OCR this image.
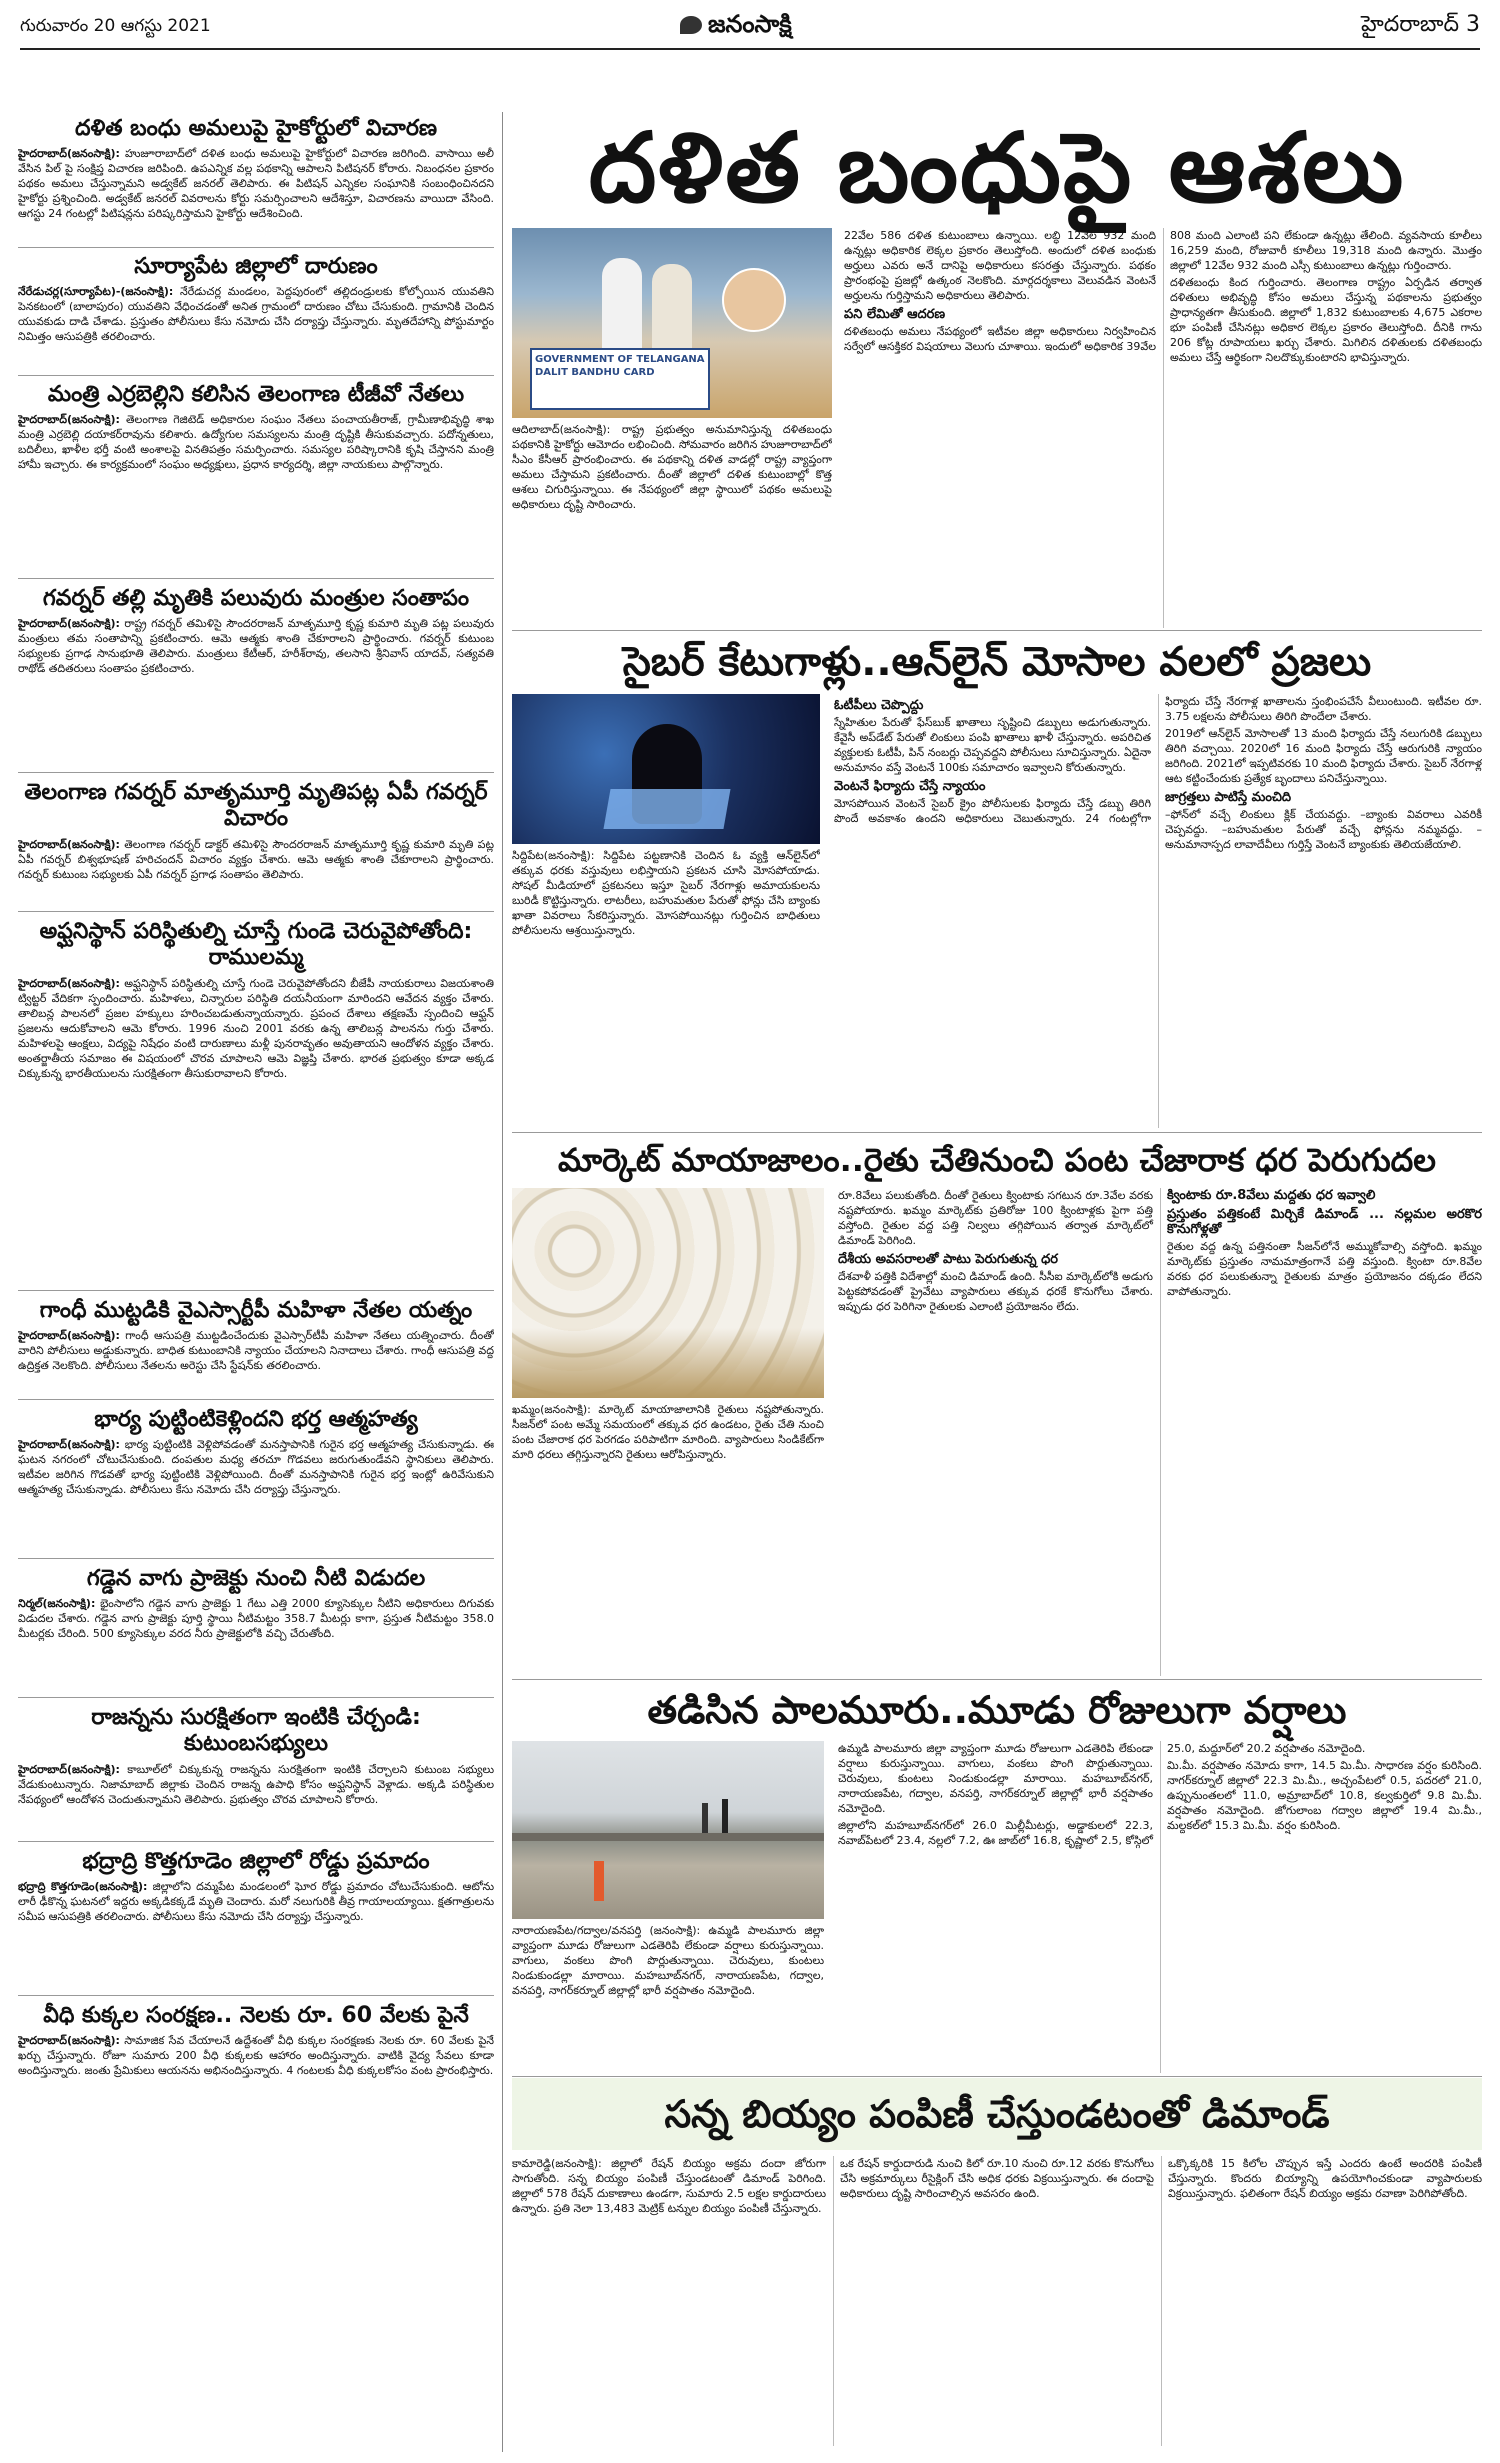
గురువారం 20 ఆగస్టు 2021	జనంసాక్షి	హైదరాబాద్ 3
దళిత బంధు అమలుపై హైకోర్టులో విచారణ

హైదరాబాద్(జనంసాక్షి): హుజూరాబాద్‌లో దళిత బంధు అమలుపై హైకోర్టులో విచారణ జరిగింది. వాసాయి అలీ వేసిన పిల్‌ పై సంక్షిప్త విచారణ జరిపింది. ఉపఎన్నిక వల్ల పథకాన్ని ఆపాలని పిటిషనర్ కోరారు. నిబంధనల ప్రకారం పథకం అమలు చేస్తున్నామని అడ్వకేట్ జనరల్ తెలిపారు. ఈ పిటిషన్ ఎన్నికల సంఘానికి సంబంధించినదని హైకోర్టు ప్రశ్నించింది. అడ్వకేట్ జనరల్ వివరాలను కోర్టు సమర్పించాలని ఆదేశిస్తూ, విచారణను వాయిదా వేసింది. ఆగస్టు 24 గంటల్లో పిటిషన్లను పరిష్కరిస్తామని హైకోర్టు ఆదేశించింది.

సూర్యాపేట జిల్లాలో దారుణం

నేరేడుచర్ల(సూర్యాపేట)-(జనంసాక్షి): నేరేడుచర్ల మండలం, పెద్దపురంలో తల్లిదండ్రులకు కోల్పోయిన యువతిని పెనకటంలో (బాలాపురం) యువతిని వేధించడంతో అనిత గ్రామంలో దారుణం చోటు చేసుకుంది. గ్రామానికి చెందిన యువకుడు దాడి చేశాడు. ప్రస్తుతం పోలీసులు కేసు నమోదు చేసి దర్యాప్తు చేస్తున్నారు. మృతదేహాన్ని పోస్టుమార్టం నిమిత్తం ఆసుపత్రికి తరలించారు.

మంత్రి ఎర్రబెల్లిని కలిసిన తెలంగాణ టీజీవో నేతలు

హైదరాబాద్(జనంసాక్షి): తెలంగాణ గెజిటెడ్ అధికారుల సంఘం నేతలు పంచాయతీరాజ్, గ్రామీణాభివృద్ధి శాఖ మంత్రి ఎర్రబెల్లి దయాకర్‌రావును కలిశారు. ఉద్యోగుల సమస్యలను మంత్రి దృష్టికి తీసుకువచ్చారు. పదోన్నతులు, బదిలీలు, ఖాళీల భర్తీ వంటి అంశాలపై వినతిపత్రం సమర్పించారు. సమస్యల పరిష్కారానికి కృషి చేస్తానని మంత్రి హామీ ఇచ్చారు. ఈ కార్యక్రమంలో సంఘం అధ్యక్షులు, ప్రధాన కార్యదర్శి, జిల్లా నాయకులు పాల్గొన్నారు.

గవర్నర్ తల్లి మృతికి పలువురు మంత్రుల సంతాపం

హైదరాబాద్(జనంసాక్షి): రాష్ట్ర గవర్నర్ తమిళిసై సౌందరరాజన్ మాతృమూర్తి కృష్ణ కుమారి మృతి పట్ల పలువురు మంత్రులు తమ సంతాపాన్ని ప్రకటించారు. ఆమె ఆత్మకు శాంతి చేకూరాలని ప్రార్థించారు. గవర్నర్ కుటుంబ సభ్యులకు ప్రగాఢ సానుభూతి తెలిపారు. మంత్రులు కేటీఆర్, హరీశ్‌రావు, తలసాని శ్రీనివాస్ యాదవ్, సత్యవతి రాథోడ్ తదితరులు సంతాపం ప్రకటించారు.

తెలంగాణ గవర్నర్ మాతృమూర్తి మృతిపట్ల ఏపీ గవర్నర్ విచారం

హైదరాబాద్(జనంసాక్షి): తెలంగాణ గవర్నర్ డాక్టర్ తమిళిసై సౌందరరాజన్ మాతృమూర్తి కృష్ణ కుమారి మృతి పట్ల ఏపీ గవర్నర్ బిశ్వభూషణ్ హరిచందన్ విచారం వ్యక్తం చేశారు. ఆమె ఆత్మకు శాంతి చేకూరాలని ప్రార్థించారు. గవర్నర్ కుటుంబ సభ్యులకు ఏపీ గవర్నర్ ప్రగాఢ సంతాపం తెలిపారు.

అఫ్ఘనిస్థాన్ పరిస్థితుల్ని చూస్తే గుండె చెరువైపోతోంది: రాములమ్మ

హైదరాబాద్(జనంసాక్షి): అఫ్ఘనిస్థాన్ పరిస్థితుల్ని చూస్తే గుండె చెరువైపోతోందని బీజేపీ నాయకురాలు విజయశాంతి ట్విట్టర్ వేదికగా స్పందించారు. మహిళలు, చిన్నారుల పరిస్థితి దయనీయంగా మారిందని ఆవేదన వ్యక్తం చేశారు. తాలిబన్ల పాలనలో ప్రజల హక్కులు హరించబడుతున్నాయన్నారు. ప్రపంచ దేశాలు తక్షణమే స్పందించి ఆఫ్ఘన్ ప్రజలను ఆదుకోవాలని ఆమె కోరారు. 1996 నుంచి 2001 వరకు ఉన్న తాలిబన్ల పాలనను గుర్తు చేశారు. మహిళలపై ఆంక్షలు, విద్యపై నిషేధం వంటి దారుణాలు మళ్లీ పునరావృతం అవుతాయని ఆందోళన వ్యక్తం చేశారు. అంతర్జాతీయ సమాజం ఈ విషయంలో చొరవ చూపాలని ఆమె విజ్ఞప్తి చేశారు. భారత ప్రభుత్వం కూడా అక్కడ చిక్కుకున్న భారతీయులను సురక్షితంగా తీసుకురావాలని కోరారు.

గాంధీ ముట్టడికి వైఎస్సార్టీపీ మహిళా నేతల యత్నం

హైదరాబాద్(జనంసాక్షి): గాంధీ ఆసుపత్రి ముట్టడించేందుకు వైఎస్సార్‌టీపీ మహిళా నేతలు యత్నించారు. దీంతో వారిని పోలీసులు అడ్డుకున్నారు. బాధిత కుటుంబానికి న్యాయం చేయాలని నినాదాలు చేశారు. గాంధీ ఆసుపత్రి వద్ద ఉద్రిక్తత నెలకొంది. పోలీసులు నేతలను అరెస్టు చేసి స్టేషన్‌కు తరలించారు.

భార్య పుట్టింటికెళ్లిందని భర్త ఆత్మహత్య

హైదరాబాద్(జనంసాక్షి): భార్య పుట్టింటికి వెళ్లిపోవడంతో మనస్తాపానికి గురైన భర్త ఆత్మహత్య చేసుకున్నాడు. ఈ ఘటన నగరంలో చోటుచేసుకుంది. దంపతుల మధ్య తరచూ గొడవలు జరుగుతుండేవని స్థానికులు తెలిపారు. ఇటీవల జరిగిన గొడవతో భార్య పుట్టింటికి వెళ్లిపోయింది. దీంతో మనస్తాపానికి గురైన భర్త ఇంట్లో ఉరివేసుకుని ఆత్మహత్య చేసుకున్నాడు. పోలీసులు కేసు నమోదు చేసి దర్యాప్తు చేస్తున్నారు.

గడ్డెన వాగు ప్రాజెక్టు నుంచి నీటి విడుదల

నిర్మల్(జనంసాక్షి): భైంసాలోని గడ్డెన వాగు ప్రాజెక్టు 1 గేటు ఎత్తి 2000 క్యూసెక్కుల నీటిని అధికారులు దిగువకు విడుదల చేశారు. గడ్డెన వాగు ప్రాజెక్టు పూర్తి స్థాయి నీటిమట్టం 358.7 మీటర్లు కాగా, ప్రస్తుత నీటిమట్టం 358.0 మీటర్లకు చేరింది. 500 క్యూసెక్కుల వరద నీరు ప్రాజెక్టులోకి వచ్చి చేరుతోంది.

రాజన్నను సురక్షితంగా ఇంటికి చేర్చండి: కుటుంబసభ్యులు

హైదరాబాద్(జనంసాక్షి): కాబూల్‌లో చిక్కుకున్న రాజన్నను సురక్షితంగా ఇంటికి చేర్చాలని కుటుంబ సభ్యులు వేడుకుంటున్నారు. నిజామాబాద్ జిల్లాకు చెందిన రాజన్న ఉపాధి కోసం అఫ్ఘనిస్థాన్ వెళ్లాడు. అక్కడి పరిస్థితుల నేపథ్యంలో ఆందోళన చెందుతున్నామని తెలిపారు. ప్రభుత్వం చొరవ చూపాలని కోరారు.

భద్రాద్రి కొత్తగూడెం జిల్లాలో రోడ్డు ప్రమాదం

భద్రాద్రి కొత్తగూడెం(జనంసాక్షి): జిల్లాలోని దమ్మపేట మండలంలో ఘోర రోడ్డు ప్రమాదం చోటుచేసుకుంది. ఆటోను లారీ ఢీకొన్న ఘటనలో ఇద్దరు అక్కడికక్కడే మృతి చెందారు. మరో నలుగురికి తీవ్ర గాయాలయ్యాయి. క్షతగాత్రులను సమీప ఆసుపత్రికి తరలించారు. పోలీసులు కేసు నమోదు చేసి దర్యాప్తు చేస్తున్నారు.

వీధి కుక్కల సంరక్షణ.. నెలకు రూ. 60 వేలకు పైనే

హైదరాబాద్(జనంసాక్షి): సామాజిక సేవ చేయాలనే ఉద్దేశంతో వీధి కుక్కల సంరక్షణకు నెలకు రూ. 60 వేలకు పైనే ఖర్చు చేస్తున్నారు. రోజూ సుమారు 200 వీధి కుక్కలకు ఆహారం అందిస్తున్నారు. వాటికి వైద్య సేవలు కూడా అందిస్తున్నారు. జంతు ప్రేమికులు ఆయనను అభినందిస్తున్నారు. 4 గంటలకు వీధి కుక్కలకోసం వంట ప్రారంభిస్తారు.

దళిత బంధుపై ఆశలు
GOVERNMENT OF TELANGANA DALIT BANDHU CARD
ఆదిలాబాద్(జనంసాక్షి): రాష్ట్ర ప్రభుత్వం అనుమానిస్తున్న దళితబంధు పథకానికి హైకోర్టు ఆమోదం లభించింది. సోమవారం జరిగిన హుజూరాబాద్‌లో సీఎం కేసీఆర్ ప్రారంభించారు. ఈ పథకాన్ని దళిత వాడల్లో రాష్ట్ర వ్యాప్తంగా అమలు చేస్తామని ప్రకటించారు. దీంతో జిల్లాలో దళిత కుటుంబాల్లో కొత్త ఆశలు చిగురిస్తున్నాయి. ఈ నేపథ్యంలో జిల్లా స్థాయిలో పథకం అమలుపై అధికారులు దృష్టి సారించారు.

22వేల 586 దళిత కుటుంబాలు ఉన్నాయి. లబ్ధి 12వేల 932 మంది ఉన్నట్లు అధికారిక లెక్కల ప్రకారం తెలుస్తోంది. అందులో దళిత బంధుకు అర్హులు ఎవరు అనే దానిపై అధికారులు కసరత్తు చేస్తున్నారు. పథకం ప్రారంభంపై ప్రజల్లో ఉత్కంఠ నెలకొంది. మార్గదర్శకాలు వెలువడిన వెంటనే అర్హులను గుర్తిస్తామని అధికారులు తెలిపారు.

పని లేమితో ఆదరణ

దళితబంధు అమలు నేపథ్యంలో ఇటీవల జిల్లా అధికారులు నిర్వహించిన సర్వేలో ఆసక్తికర విషయాలు వెలుగు చూశాయి. ఇందులో అధికారిక 39వేల 808 మంది ఎలాంటి పని లేకుండా ఉన్నట్లు తేలింది. వ్యవసాయ కూలీలు 16,259 మంది, రోజువారీ కూలీలు 19,318 మంది ఉన్నారు. మొత్తం జిల్లాలో 12వేల 932 మంది ఎస్సీ కుటుంబాలు ఉన్నట్లు గుర్తించారు.

దళితబంధు కింద గుర్తించారు. తెలంగాణ రాష్ట్రం ఏర్పడిన తర్వాత దళితులు అభివృద్ధి కోసం అమలు చేస్తున్న పథకాలను ప్రభుత్వం ప్రాధాన్యతగా తీసుకుంది. జిల్లాలో 1,832 కుటుంబాలకు 4,675 ఎకరాల భూ పంపిణీ చేసినట్లు అధికార లెక్కల ప్రకారం తెలుస్తోంది. దీనికి గాను 206 కోట్ల రూపాయలు ఖర్చు చేశారు. మిగిలిన దళితులకు దళితబంధు అమలు చేస్తే ఆర్థికంగా నిలదొక్కుకుంటారని భావిస్తున్నారు.

సైబర్ కేటుగాళ్లు..ఆన్‌లైన్ మోసాల వలలో ప్రజలు
సిద్దిపేట(జనంసాక్షి): సిద్దిపేట పట్టణానికి చెందిన ఓ వ్యక్తి ఆన్‌లైన్‌లో తక్కువ ధరకు వస్తువులు లభిస్తాయని ప్రకటన చూసి మోసపోయాడు. సోషల్ మీడియాలో ప్రకటనలు ఇస్తూ సైబర్ నేరగాళ్లు అమాయకులను బురిడీ కొట్టిస్తున్నారు. లాటరీలు, బహుమతుల పేరుతో ఫోన్లు చేసి బ్యాంకు ఖాతా వివరాలు సేకరిస్తున్నారు. మోసపోయినట్లు గుర్తించిన బాధితులు పోలీసులను ఆశ్రయిస్తున్నారు.
ఓటీపీలు చెప్పొద్దు

స్నేహితుల పేరుతో ఫేస్‌బుక్ ఖాతాలు సృష్టించి డబ్బులు అడుగుతున్నారు. కేవైసీ అప్‌డేట్ పేరుతో లింకులు పంపి ఖాతాలు ఖాళీ చేస్తున్నారు. అపరిచిత వ్యక్తులకు ఓటీపీ, పిన్ నంబర్లు చెప్పవద్దని పోలీసులు సూచిస్తున్నారు. ఏదైనా అనుమానం వస్తే వెంటనే 100కు సమాచారం ఇవ్వాలని కోరుతున్నారు.

వెంటనే ఫిర్యాదు చేస్తే న్యాయం

మోసపోయిన వెంటనే సైబర్ క్రైం పోలీసులకు ఫిర్యాదు చేస్తే డబ్బు తిరిగి పొందే అవకాశం ఉందని అధికారులు చెబుతున్నారు. 24 గంటల్లోగా ఫిర్యాదు చేస్తే నేరగాళ్ల ఖాతాలను స్తంభింపచేసే వీలుంటుంది. ఇటీవల రూ. 3.75 లక్షలను పోలీసులు తిరిగి పొందేలా చేశారు.

2019లో ఆన్‌లైన్ మోసాలతో 13 మంది ఫిర్యాదు చేస్తే నలుగురికి డబ్బులు తిరిగి వచ్చాయి. 2020లో 16 మంది ఫిర్యాదు చేస్తే ఆరుగురికి న్యాయం జరిగింది. 2021లో ఇప్పటివరకు 10 మంది ఫిర్యాదు చేశారు. సైబర్ నేరగాళ్ల ఆట కట్టించేందుకు ప్రత్యేక బృందాలు పనిచేస్తున్నాయి.

జాగ్రత్తలు పాటిస్తే మంచిది

–ఫోన్‌లో వచ్చే లింకులు క్లిక్ చేయవద్దు. –బ్యాంకు వివరాలు ఎవరికీ చెప్పవద్దు. –బహుమతుల పేరుతో వచ్చే ఫోన్లను నమ్మవద్దు. –అనుమానాస్పద లావాదేవీలు గుర్తిస్తే వెంటనే బ్యాంకుకు తెలియజేయాలి.

మార్కెట్ మాయాజాలం..రైతు చేతినుంచి పంట చేజారాక ధర పెరుగుదల
ఖమ్మం(జనంసాక్షి): మార్కెట్ మాయాజాలానికి రైతులు నష్టపోతున్నారు. సీజన్‌లో పంట అమ్మే సమయంలో తక్కువ ధర ఉండటం, రైతు చేతి నుంచి పంట చేజారాక ధర పెరగడం పరిపాటిగా మారింది. వ్యాపారులు సిండికేట్‌గా మారి ధరలు తగ్గిస్తున్నారని రైతులు ఆరోపిస్తున్నారు.

రూ.8వేలు పలుకుతోంది. దీంతో రైతులు క్వింటాకు సగటున రూ.3వేల వరకు నష్టపోయారు. ఖమ్మం మార్కెట్‌కు ప్రతిరోజు 100 క్వింటాళ్లకు పైగా పత్తి వస్తోంది. రైతుల వద్ద పత్తి నిల్వలు తగ్గిపోయిన తర్వాత మార్కెట్‌లో డిమాండ్ పెరిగింది.

దేశీయ అవసరాలతో పాటు పెరుగుతున్న ధర

దేశవాళీ పత్తికి విదేశాల్లో మంచి డిమాండ్ ఉంది. సీసీఐ మార్కెట్‌లోకి అడుగు పెట్టకపోవడంతో ప్రైవేటు వ్యాపారులు తక్కువ ధరకే కొనుగోలు చేశారు. ఇప్పుడు ధర పెరిగినా రైతులకు ఎలాంటి ప్రయోజనం లేదు.

క్వింటాకు రూ.8వేలు మద్దతు ధర ఇవ్వాలి
ప్రస్తుతం పత్తికంటే మిర్చికే డిమాండ్ ... నల్లమల అరకొర కొనుగోళ్లతో

రైతుల వద్ద ఉన్న పత్తినంతా సీజన్‌లోనే అమ్ముకోవాల్సి వస్తోంది. ఖమ్మం మార్కెట్‌కు ప్రస్తుతం నామమాత్రంగానే పత్తి వస్తుంది. క్వింటా రూ.8వేల వరకు ధర పలుకుతున్నా రైతులకు మాత్రం ప్రయోజనం దక్కడం లేదని వాపోతున్నారు.

తడిసిన పాలమూరు..మూడు రోజులుగా వర్షాలు
నారాయణపేట/గద్వాల/వనపర్తి (జనంసాక్షి): ఉమ్మడి పాలమూరు జిల్లా వ్యాప్తంగా మూడు రోజులుగా ఎడతెరిపి లేకుండా వర్షాలు కురుస్తున్నాయి. వాగులు, వంకలు పొంగి పొర్లుతున్నాయి. చెరువులు, కుంటలు నిండుకుండల్లా మారాయి. మహబూబ్‌నగర్, నారాయణపేట, గద్వాల, వనపర్తి, నాగర్‌కర్నూల్ జిల్లాల్లో భారీ వర్షపాతం నమోదైంది.

ఉమ్మడి పాలమూరు జిల్లా వ్యాప్తంగా మూడు రోజులుగా ఎడతెరిపి లేకుండా వర్షాలు కురుస్తున్నాయి. వాగులు, వంకలు పొంగి పొర్లుతున్నాయి. చెరువులు, కుంటలు నిండుకుండల్లా మారాయి. మహబూబ్‌నగర్, నారాయణపేట, గద్వాల, వనపర్తి, నాగర్‌కర్నూల్ జిల్లాల్లో భారీ వర్షపాతం నమోదైంది.

జిల్లాలోని మహబూబ్‌నగర్‌లో 26.0 మిల్లీమీటర్లు, అడ్డాకులలో 22.3, నవాబ్‌పేటలో 23.4, నల్లలో 7.2, ఊ జాబ్‌లో 16.8, కృష్ణాలో 2.5, కోస్గిలో 25.0, మద్దూర్‌లో 20.2 వర్షపాతం నమోదైంది.

మి.మీ. వర్షపాతం నమోదు కాగా, 14.5 మి.మీ. సాధారణ వర్షం కురిసింది. నాగర్‌కర్నూల్ జిల్లాలో 22.3 మి.మీ., అచ్చంపేటలో 0.5, పదరలో 21.0, ఉప్పునుంతలలో 11.0, అమ్రాబాద్‌లో 10.8, కల్వకుర్తిలో 9.8 మి.మీ. వర్షపాతం నమోదైంది. జోగులాంబ గద్వాల జిల్లాలో 19.4 మి.మీ., మల్దకల్‌లో 15.3 మి.మీ. వర్షం కురిసింది.

సన్న బియ్యం పంపిణీ చేస్తుండటంతో డిమాండ్

కామారెడ్డి(జనంసాక్షి): జిల్లాలో రేషన్ బియ్యం అక్రమ దందా జోరుగా సాగుతోంది. సన్న బియ్యం పంపిణీ చేస్తుండటంతో డిమాండ్ పెరిగింది. జిల్లాలో 578 రేషన్ దుకాణాలు ఉండగా, సుమారు 2.5 లక్షల కార్డుదారులు ఉన్నారు. ప్రతి నెలా 13,483 మెట్రిక్ టన్నుల బియ్యం పంపిణీ చేస్తున్నారు.

ఒక రేషన్ కార్డుదారుడి నుంచి కిలో రూ.10 నుంచి రూ.12 వరకు కొనుగోలు చేసి అక్రమార్కులు రీసైక్లింగ్ చేసి అధిక ధరకు విక్రయిస్తున్నారు. ఈ దందాపై అధికారులు దృష్టి సారించాల్సిన అవసరం ఉంది.

ఒక్కొక్కరికి 15 కిలోల చొప్పున ఇస్తే ఎందరు ఉంటే అందరికి పంపిణీ చేస్తున్నారు. కొందరు బియ్యాన్ని ఉపయోగించకుండా వ్యాపారులకు విక్రయిస్తున్నారు. ఫలితంగా రేషన్ బియ్యం అక్రమ రవాణా పెరిగిపోతోంది.
